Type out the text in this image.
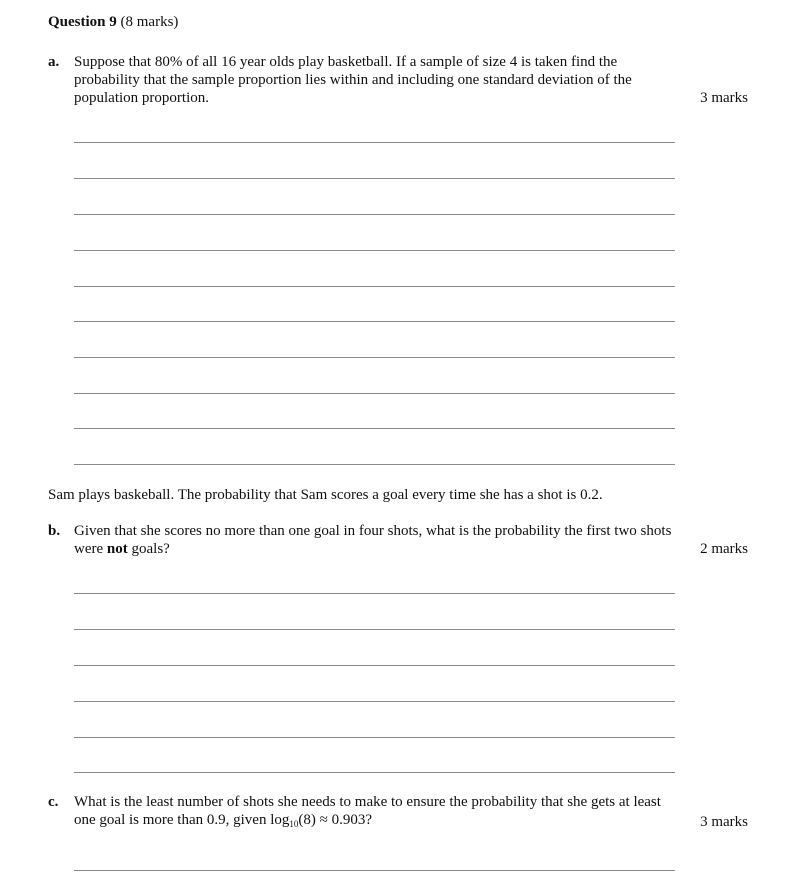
Question 9 (8 marks)
a. Suppose that 80% of all 16 year olds play basketball. If a sample of size 4 is taken find the probability that the sample proportion lies within and including one standard deviation of the population proportion.	3 marks
Sam plays baskeball. The probability that Sam scores a goal every time she has a shot is 0.2.
b. Given that she scores no more than one goal in four shots, what is the probability the first two shots were not goals?	2 marks
c.	What is the least number of shots she needs to make to ensure the probability that she gets at least one goal is more than 0.9, given $\log_{10}(8) \approx 0.903$?	3 marks
